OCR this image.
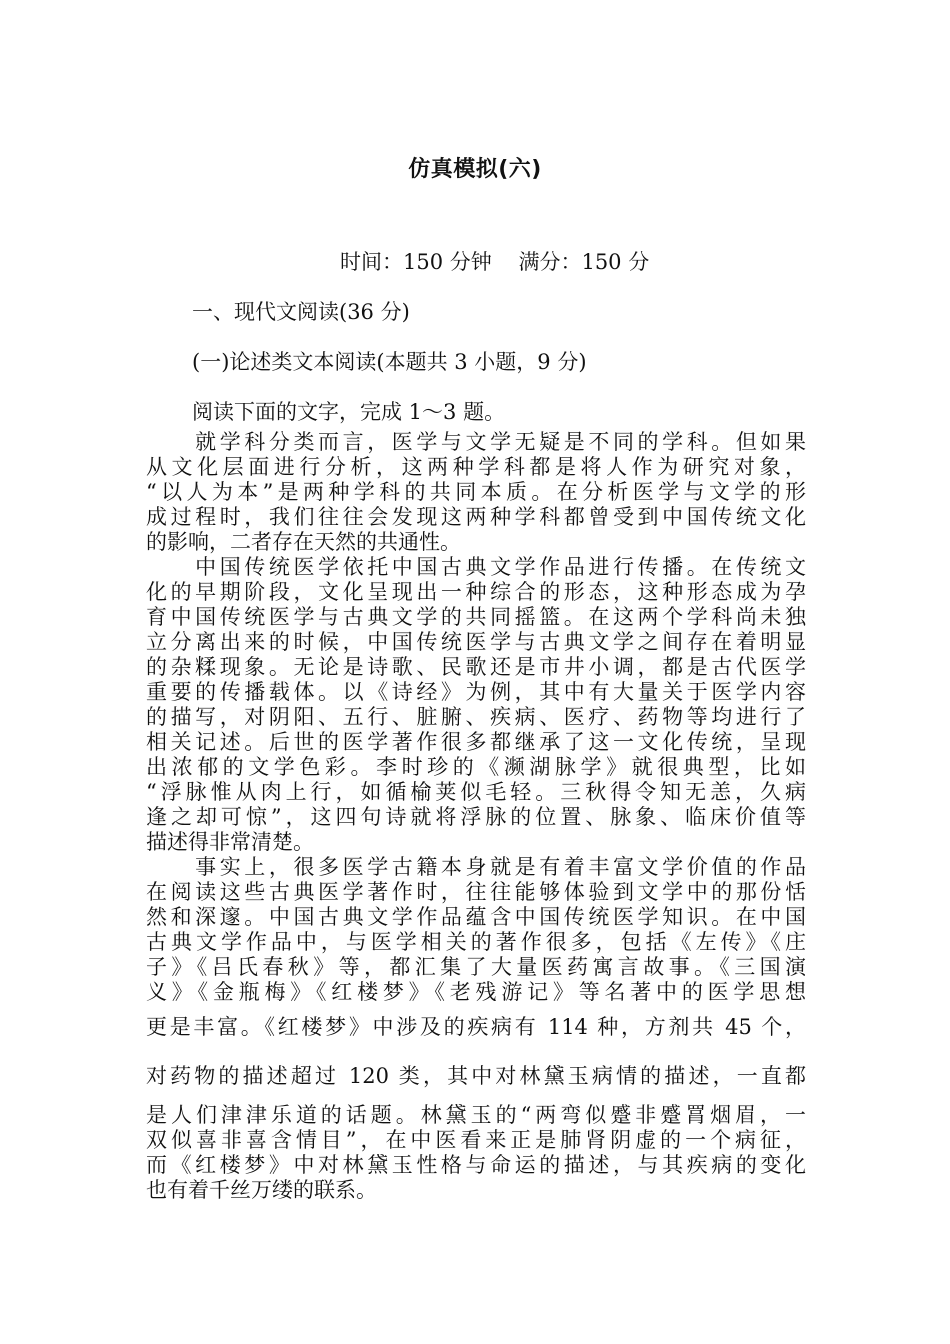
仿真模拟(六)
时间：150 分钟    满分：150 分
一、现代文阅读(36 分)
(一)论述类文本阅读(本题共 3 小题，9 分)
阅读下面的文字，完成 1～3 题。
　　就学科分类而言，医学与文学无疑是不同的学科。但如果
从文化层面进行分析，这两种学科都是将人作为研究对象，
“以人为本”是两种学科的共同本质。在分析医学与文学的形
成过程时，我们往往会发现这两种学科都曾受到中国传统文化
的影响，二者存在天然的共通性。
　　中国传统医学依托中国古典文学作品进行传播。在传统文
化的早期阶段，文化呈现出一种综合的形态，这种形态成为孕
育中国传统医学与古典文学的共同摇篮。在这两个学科尚未独
立分离出来的时候，中国传统医学与古典文学之间存在着明显
的杂糅现象。无论是诗歌、民歌还是市井小调，都是古代医学
重要的传播载体。以《诗经》为例，其中有大量关于医学内容
的描写，对阴阳、五行、脏腑、疾病、医疗、药物等均进行了
相关记述。后世的医学著作很多都继承了这一文化传统，呈现
出浓郁的文学色彩。李时珍的《濒湖脉学》就很典型，比如
“浮脉惟从肉上行，如循榆荚似毛轻。三秋得令知无恙，久病
逢之却可惊”，这四句诗就将浮脉的位置、脉象、临床价值等
描述得非常清楚。
　　事实上，很多医学古籍本身就是有着丰富文学价值的作品
在阅读这些古典医学著作时，往往能够体验到文学中的那份恬
然和深邃。中国古典文学作品蕴含中国传统医学知识。在中国
古典文学作品中，与医学相关的著作很多，包括《左传》《庄
子》《吕氏春秋》等，都汇集了大量医药寓言故事。《三国演
义》《金瓶梅》《红楼梦》《老残游记》等名著中的医学思想
更是丰富。《红楼梦》中涉及的疾病有 114 种，方剂共 45 个，
对药物的描述超过 120 类，其中对林黛玉病情的描述，一直都
是人们津津乐道的话题。林黛玉的“两弯似蹙非蹙罥烟眉，一
双似喜非喜含情目”，在中医看来正是肺肾阴虚的一个病征，
而《红楼梦》中对林黛玉性格与命运的描述，与其疾病的变化
也有着千丝万缕的联系。
